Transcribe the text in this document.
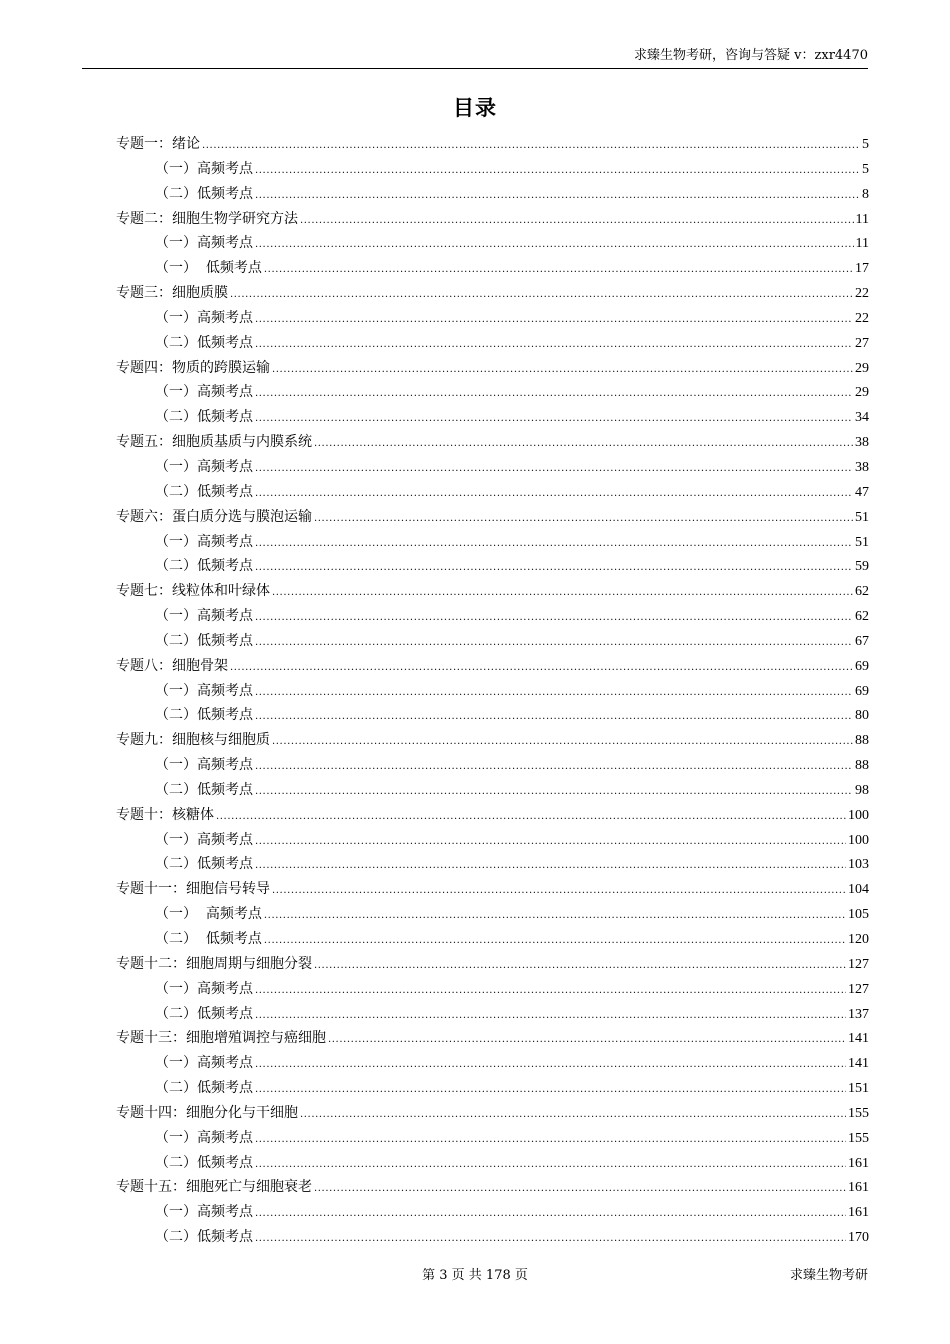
求臻生物考研，咨询与答疑 v：zxr4470
目录
专题一：绪论 .....	5
（一）高频考点 .....	5
（二）低频考点 .....	8
专题二：细胞生物学研究方法 .....	11
（一）高频考点 .....	11
（一）  低频考点 .....	17
专题三：细胞质膜 .....	22
（一）高频考点 .....	22
（二）低频考点 .....	27
专题四：物质的跨膜运输 .....	29
（一）高频考点 .....	29
（二）低频考点 .....	34
专题五：细胞质基质与内膜系统 .....	38
（一）高频考点 .....	38
（二）低频考点 .....	47
专题六：蛋白质分选与膜泡运输 .....	51
（一）高频考点 .....	51
（二）低频考点 .....	59
专题七：线粒体和叶绿体 .....	62
（一）高频考点 .....	62
（二）低频考点 .....	67
专题八：细胞骨架 .....	69
（一）高频考点 .....	69
（二）低频考点 .....	80
专题九：细胞核与细胞质 .....	88
（一）高频考点 .....	88
（二）低频考点 .....	98
专题十：核糖体 .....	100
（一）高频考点 .....	100
（二）低频考点 .....	103
专题十一：细胞信号转导 .....	104
（一）  高频考点 .....	105
（二）  低频考点 .....	120
专题十二：细胞周期与细胞分裂 .....	127
（一）高频考点 .....	127
（二）低频考点 .....	137
专题十三：细胞增殖调控与癌细胞 .....	141
（一）高频考点 .....	141
（二）低频考点 .....	151
专题十四：细胞分化与干细胞 .....	155
（一）高频考点 .....	155
（二）低频考点 .....	161
专题十五：细胞死亡与细胞衰老 .....	161
（一）高频考点 .....	161
（二）低频考点 .....	170
第 3 页 共 178 页	求臻生物考研
